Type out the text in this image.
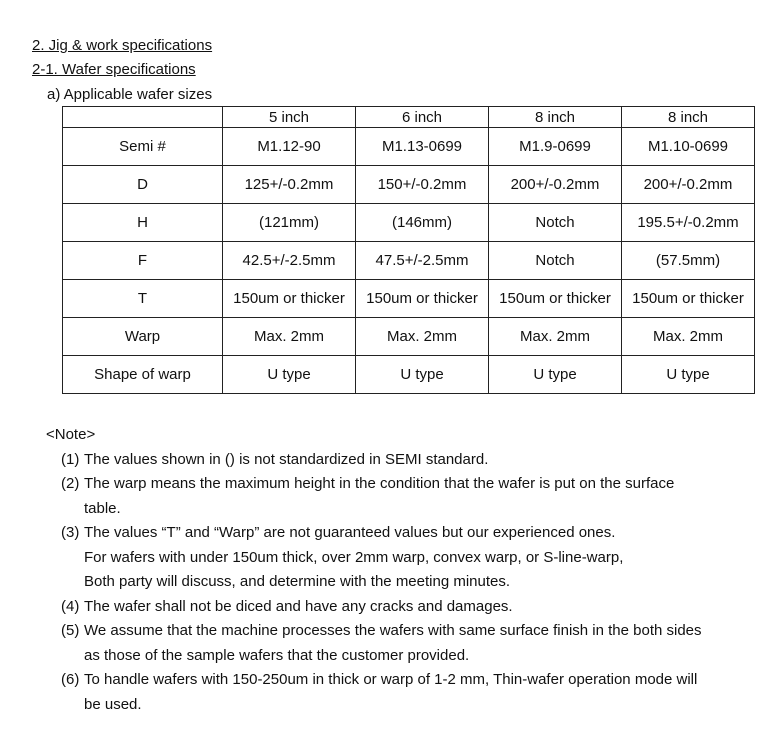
2. Jig & work specifications
2-1. Wafer specifications
a) Applicable wafer sizes
	5 inch	6 inch	8 inch	8 inch
Semi #	M1.12-90	M1.13-0699	M1.9-0699	M1.10-0699
D	125+/-0.2mm	150+/-0.2mm	200+/-0.2mm	200+/-0.2mm
H	(121mm)	(146mm)	Notch	195.5+/-0.2mm
F	42.5+/-2.5mm	47.5+/-2.5mm	Notch	(57.5mm)
T	150um or thicker	150um or thicker	150um or thicker	150um or thicker
Warp	Max. 2mm	Max. 2mm	Max. 2mm	Max. 2mm
Shape of warp	U type	U type	U type	U type

<Note>

(1) The values shown in () is not standardized in SEMI standard.
(2) The warp means the maximum height in the condition that the wafer is put on the surface
table.
(3) The values “T” and “Warp” are not guaranteed values but our experienced ones.
For wafers with under 150um thick, over 2mm warp, convex warp, or S-line-warp,
Both party will discuss, and determine with the meeting minutes.
(4) The wafer shall not be diced and have any cracks and damages.
(5) We assume that the machine processes the wafers with same surface finish in the both sides
as those of the sample wafers that the customer provided.
(6) To handle wafers with 150-250um in thick or warp of 1-2 mm, Thin-wafer operation mode will
be used.
